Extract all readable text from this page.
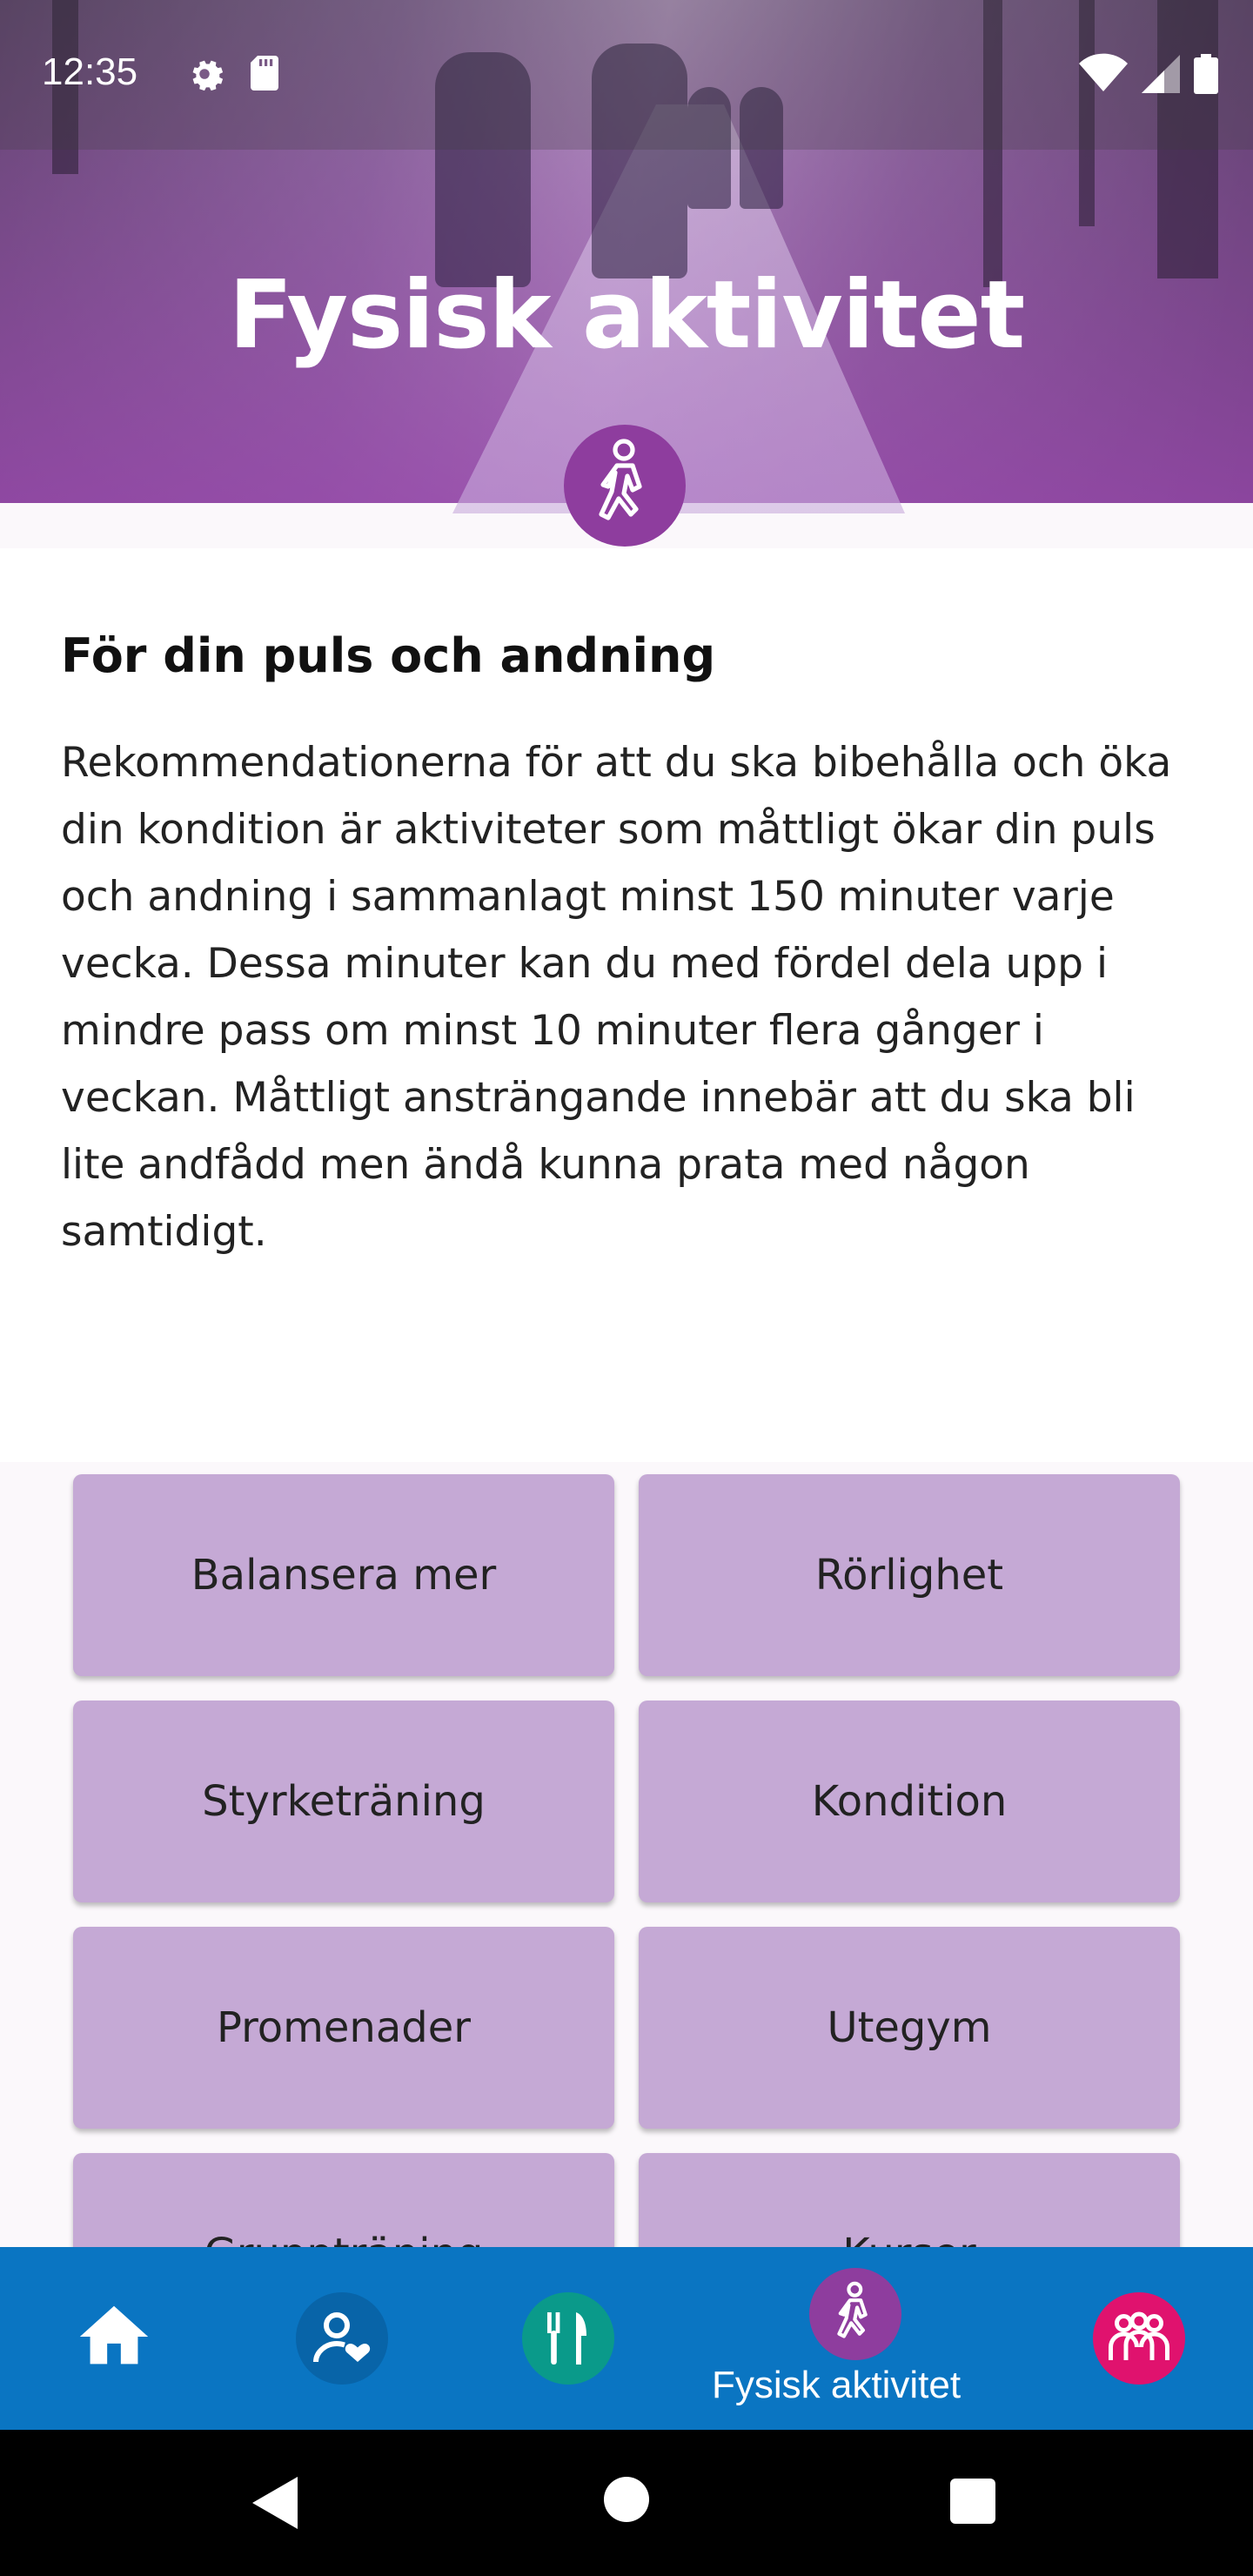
12:35
Fysisk aktivitet
För din puls och andning
Rekommendationerna för att du ska bibehålla och öka din kondition är aktiviteter som måttligt ökar din puls och andning i sammanlagt minst 150 minuter varje vecka. Dessa minuter kan du med fördel dela upp i mindre pass om minst 10 minuter flera gånger i veckan. Måttligt ansträngande innebär att du ska bli lite andfådd men ändå kunna prata med någon samtidigt.
Balansera mer	Rörlighet
Styrketräning	Kondition
Promenader	Utegym
Fysisk aktivitet
